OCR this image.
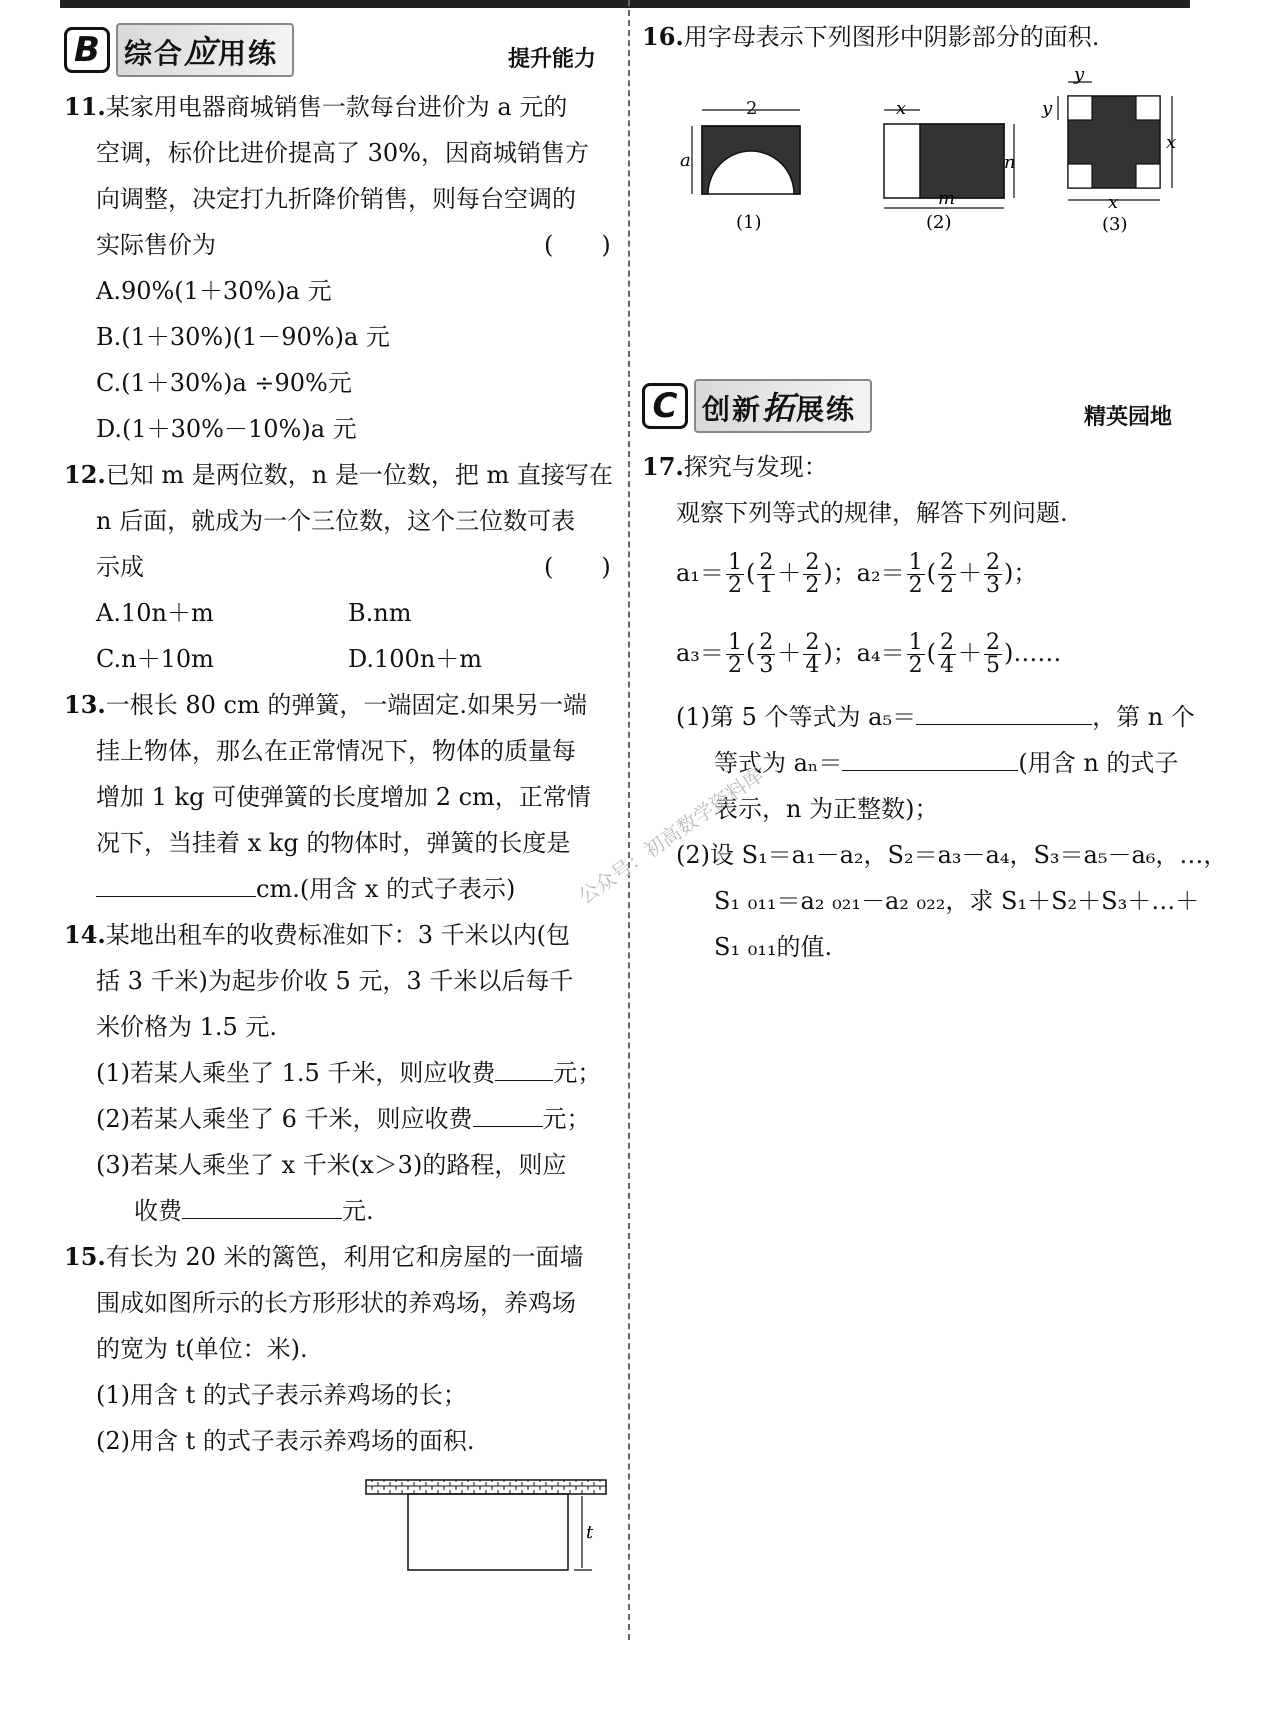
B 综合应用练	提升能力
11.某家用电器商城销售一款每台进价为 a 元的
空调，标价比进价提高了 30%，因商城销售方
向调整，决定打九折降价销售，则每台空调的
实际售价为	(　　)
A.90%(1＋30%)a 元
B.(1＋30%)(1－90%)a 元
C.(1＋30%)a ÷90%元
D.(1＋30%－10%)a 元
12.已知 m 是两位数，n 是一位数，把 m 直接写在
n 后面，就成为一个三位数，这个三位数可表
示成	(　　)
A.10n＋m	B.nm
C.n＋10m	D.100n＋m
13.一根长 80 cm 的弹簧，一端固定.如果另一端
挂上物体，那么在正常情况下，物体的质量每
增加 1 kg 可使弹簧的长度增加 2 cm，正常情
况下，当挂着 x kg 的物体时，弹簧的长度是
cm.(用含 x 的式子表示)
14.某地出租车的收费标准如下：3 千米以内(包
括 3 千米)为起步价收 5 元，3 千米以后每千
米价格为 1.5 元.
(1)若某人乘坐了 1.5 千米，则应收费 元；
(2)若某人乘坐了 6 千米，则应收费	元；
(3)若某人乘坐了 x 千米(x＞3)的路程，则应
收费	元.
15.有长为 20 米的篱笆，利用它和房屋的一面墙
围成如图所示的长方形形状的养鸡场，养鸡场
的宽为 t(单位：米).
(1)用含 t 的式子表示养鸡场的长；
(2)用含 t 的式子表示养鸡场的面积.
t
16.用字母表示下列图形中阴影部分的面积.
2
a
(1)
x
n
m
(2)
y
y
x
x
(3)
C 创新拓展练	精英园地
17.探究与发现：
观察下列等式的规律，解答下列问题.
$a_1= \frac{1}{2}$ ( $\frac{2}{1} + \frac{2}{2}$ )；$a_2= \frac{1}{2}$ ( $\frac{2}{2} + \frac{2}{3}$ )；
$a_3= \frac{1}{2}$ ( $\frac{2}{3} + \frac{2}{4}$ )；$a_4= \frac{1}{2}$ ( $\frac{2}{4} + \frac{2}{5}$ )……
(1)第 5 个等式为 a₅＝	，第 n 个
等式为 aₙ＝	(用含 n 的式子
表示，n 为正整数)；
(2)设 S₁＝a₁－a₂，S₂＝a₃－a₄，S₃＝a₅－a₆，…，
S₁ ₀₁₁＝a₂ ₀₂₁－a₂ ₀₂₂，求 S₁＋S₂＋S₃＋…＋
S₁ ₀₁₁的值.
公众号：初高数学资料库
